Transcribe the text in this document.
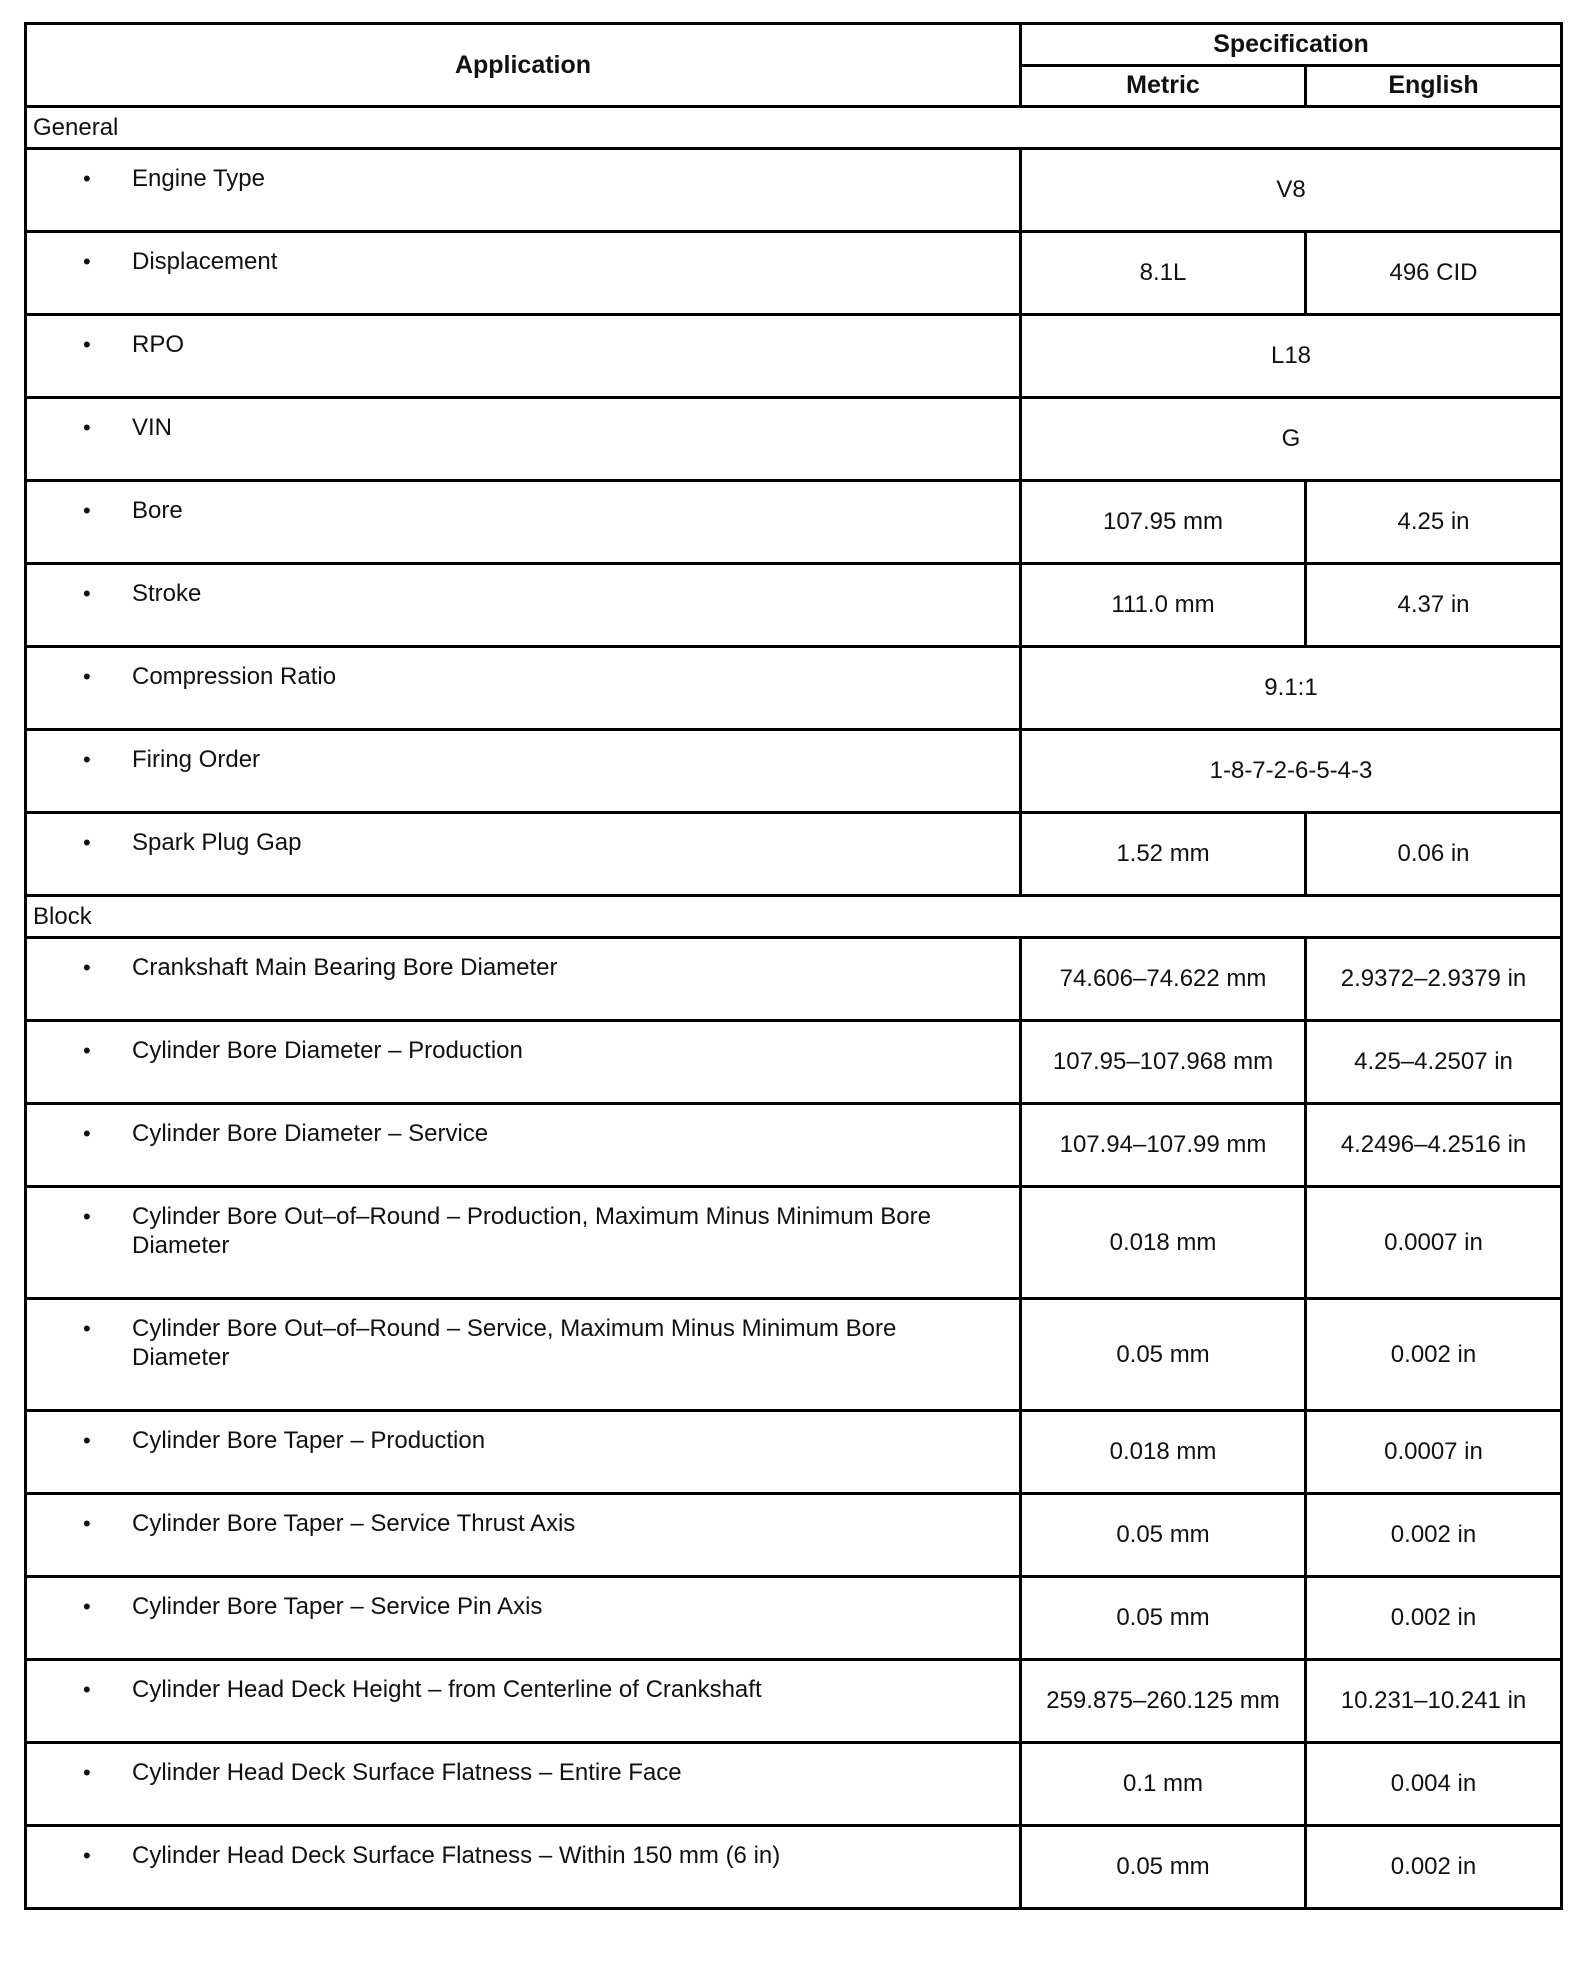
Application	Specification	
	Metric	English
General		

• Engine Type	V8	

• Displacement	8.1L	496 CID

• RPO	L18	

• VIN	G	

• Bore	107.95 mm	4.25 in

• Stroke	111.0 mm	4.37 in

• Compression Ratio	9.1:1	

• Firing Order	1-8-7-2-6-5-4-3	

• Spark Plug Gap	1.52 mm	0.06 in
Block		

• Crankshaft Main Bearing Bore Diameter	74.606–74.622 mm	2.9372–2.9379 in

• Cylinder Bore Diameter – Production	107.95–107.968 mm	4.25–4.2507 in

• Cylinder Bore Diameter – Service	107.94–107.99 mm	4.2496–4.2516 in

• Cylinder Bore Out–of–Round – Production, Maximum Minus Minimum Bore Diameter	0.018 mm	0.0007 in

• Cylinder Bore Out–of–Round – Service, Maximum Minus Minimum Bore Diameter	0.05 mm	0.002 in

• Cylinder Bore Taper – Production	0.018 mm	0.0007 in

• Cylinder Bore Taper – Service Thrust Axis	0.05 mm	0.002 in

• Cylinder Bore Taper – Service Pin Axis	0.05 mm	0.002 in

• Cylinder Head Deck Height – from Centerline of Crankshaft	259.875–260.125 mm	10.231–10.241 in

• Cylinder Head Deck Surface Flatness – Entire Face	0.1 mm	0.004 in

• Cylinder Head Deck Surface Flatness – Within 150 mm (6 in)	0.05 mm	0.002 in
